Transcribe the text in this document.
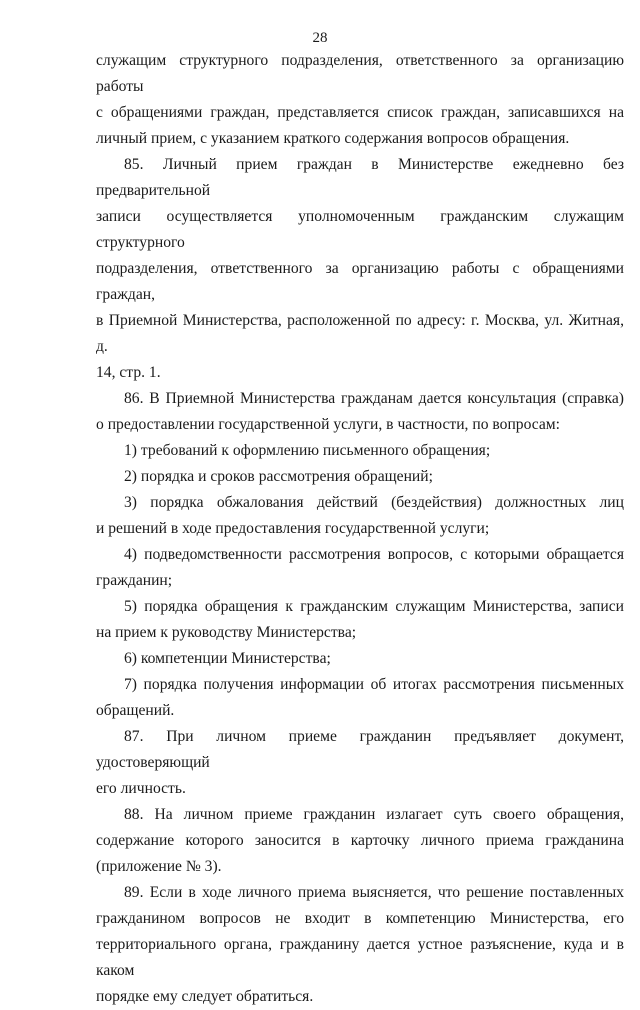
28
служащим структурного подразделения, ответственного за организацию работы
с обращениями граждан, представляется список граждан, записавшихся на
личный прием, с указанием краткого содержания вопросов обращения.
85. Личный прием граждан в Министерстве ежедневно без предварительной
записи осуществляется уполномоченным гражданским служащим структурного
подразделения, ответственного за организацию работы с обращениями граждан,
в Приемной Министерства, расположенной по адресу: г. Москва, ул. Житная, д.
14, стр. 1.
86. В Приемной Министерства гражданам дается консультация (справка)
о предоставлении государственной услуги, в частности, по вопросам:
1) требований к оформлению письменного обращения;
2) порядка и сроков рассмотрения обращений;
3) порядка обжалования действий (бездействия) должностных лиц
и решений в ходе предоставления государственной услуги;
4) подведомственности рассмотрения вопросов, с которыми обращается
гражданин;
5) порядка обращения к гражданским служащим Министерства, записи
на прием к руководству Министерства;
6) компетенции Министерства;
7) порядка получения информации об итогах рассмотрения письменных
обращений.
87. При личном приеме гражданин предъявляет документ, удостоверяющий
его личность.
88. На личном приеме гражданин излагает суть своего обращения,
содержание которого заносится в карточку личного приема гражданина
(приложение № 3).
89. Если в ходе личного приема выясняется, что решение поставленных
гражданином вопросов не входит в компетенцию Министерства, его
территориального органа, гражданину дается устное разъяснение, куда и в каком
порядке ему следует обратиться.
